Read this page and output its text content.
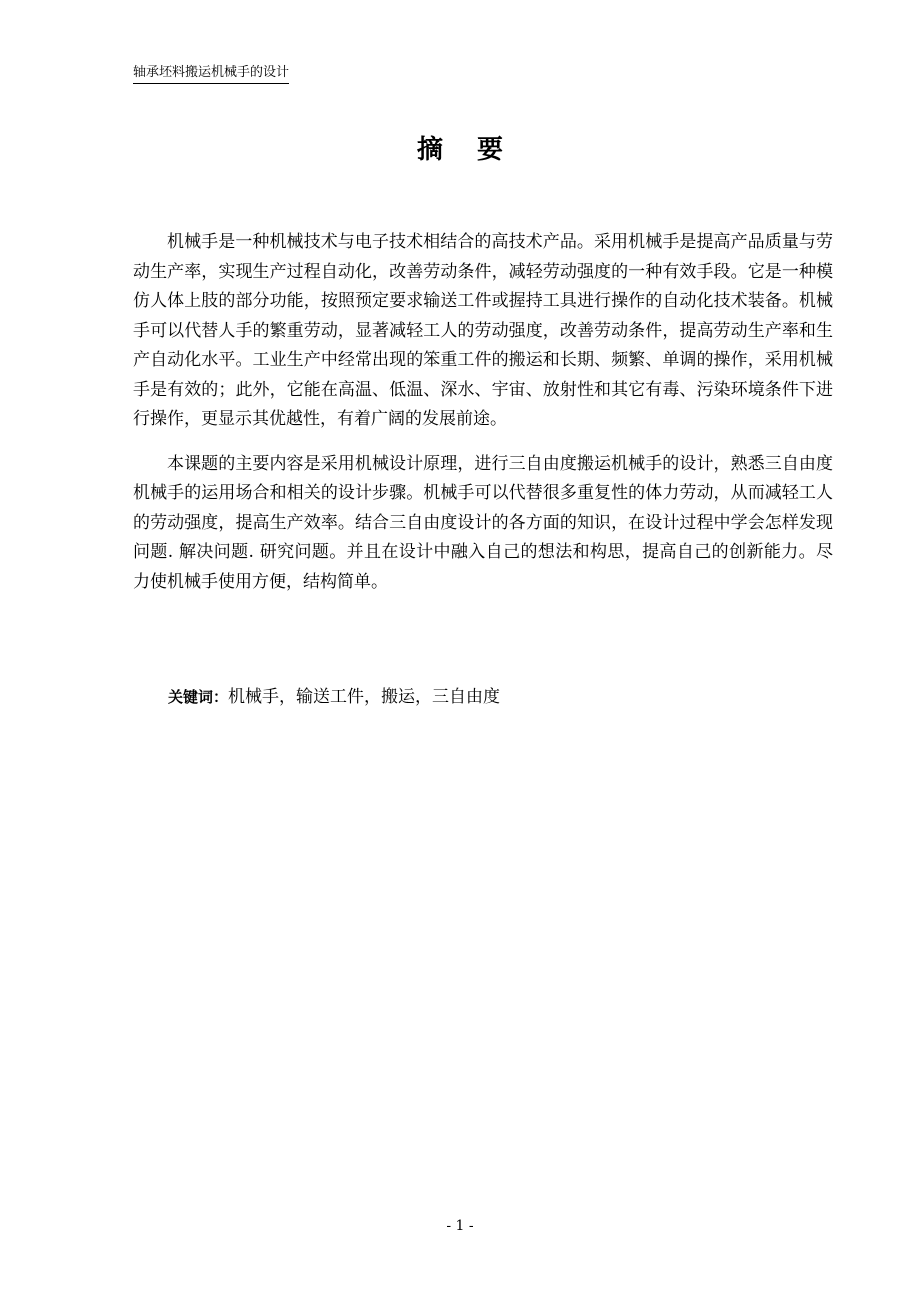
轴承坯料搬运机械手的设计
摘要

机械手是一种机械技术与电子技术相结合的高技术产品。采用机械手是提高产品质量与劳动生产率，实现生产过程自动化，改善劳动条件，减轻劳动强度的一种有效手段。它是一种模仿人体上肢的部分功能，按照预定要求输送工件或握持工具进行操作的自动化技术装备。机械手可以代替人手的繁重劳动，显著减轻工人的劳动强度，改善劳动条件，提高劳动生产率和生产自动化水平。工业生产中经常出现的笨重工件的搬运和长期、频繁、单调的操作，采用机械手是有效的；此外，它能在高温、低温、深水、宇宙、放射性和其它有毒、污染环境条件下进行操作，更显示其优越性，有着广阔的发展前途。

本课题的主要内容是采用机械设计原理，进行三自由度搬运机械手的设计，熟悉三自由度机械手的运用场合和相关的设计步骤。机械手可以代替很多重复性的体力劳动，从而减轻工人的劳动强度，提高生产效率。结合三自由度设计的各方面的知识，在设计过程中学会怎样发现问题. 解决问题. 研究问题。并且在设计中融入自己的想法和构思，提高自己的创新能力。尽力使机械手使用方便，结构简单。

关键词：机械手，输送工件，搬运，三自由度
- 1 -
